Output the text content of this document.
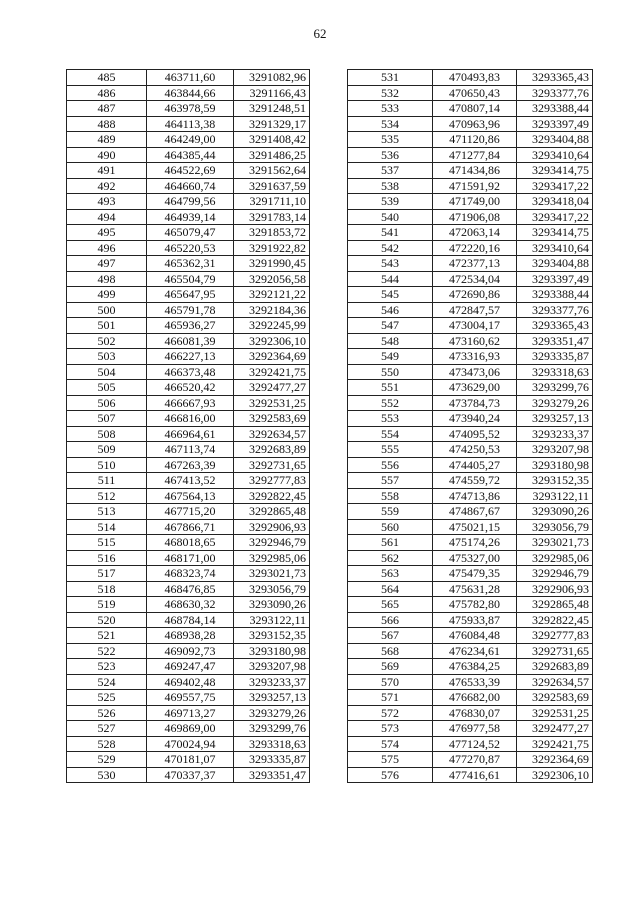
62
485	463711,60	3291082,96
486	463844,66	3291166,43
487	463978,59	3291248,51
488	464113,38	3291329,17
489	464249,00	3291408,42
490	464385,44	3291486,25
491	464522,69	3291562,64
492	464660,74	3291637,59
493	464799,56	3291711,10
494	464939,14	3291783,14
495	465079,47	3291853,72
496	465220,53	3291922,82
497	465362,31	3291990,45
498	465504,79	3292056,58
499	465647,95	3292121,22
500	465791,78	3292184,36
501	465936,27	3292245,99
502	466081,39	3292306,10
503	466227,13	3292364,69
504	466373,48	3292421,75
505	466520,42	3292477,27
506	466667,93	3292531,25
507	466816,00	3292583,69
508	466964,61	3292634,57
509	467113,74	3292683,89
510	467263,39	3292731,65
511	467413,52	3292777,83
512	467564,13	3292822,45
513	467715,20	3292865,48
514	467866,71	3292906,93
515	468018,65	3292946,79
516	468171,00	3292985,06
517	468323,74	3293021,73
518	468476,85	3293056,79
519	468630,32	3293090,26
520	468784,14	3293122,11
521	468938,28	3293152,35
522	469092,73	3293180,98
523	469247,47	3293207,98
524	469402,48	3293233,37
525	469557,75	3293257,13
526	469713,27	3293279,26
527	469869,00	3293299,76
528	470024,94	3293318,63
529	470181,07	3293335,87
530	470337,37	3293351,47
531	470493,83	3293365,43
532	470650,43	3293377,76
533	470807,14	3293388,44
534	470963,96	3293397,49
535	471120,86	3293404,88
536	471277,84	3293410,64
537	471434,86	3293414,75
538	471591,92	3293417,22
539	471749,00	3293418,04
540	471906,08	3293417,22
541	472063,14	3293414,75
542	472220,16	3293410,64
543	472377,13	3293404,88
544	472534,04	3293397,49
545	472690,86	3293388,44
546	472847,57	3293377,76
547	473004,17	3293365,43
548	473160,62	3293351,47
549	473316,93	3293335,87
550	473473,06	3293318,63
551	473629,00	3293299,76
552	473784,73	3293279,26
553	473940,24	3293257,13
554	474095,52	3293233,37
555	474250,53	3293207,98
556	474405,27	3293180,98
557	474559,72	3293152,35
558	474713,86	3293122,11
559	474867,67	3293090,26
560	475021,15	3293056,79
561	475174,26	3293021,73
562	475327,00	3292985,06
563	475479,35	3292946,79
564	475631,28	3292906,93
565	475782,80	3292865,48
566	475933,87	3292822,45
567	476084,48	3292777,83
568	476234,61	3292731,65
569	476384,25	3292683,89
570	476533,39	3292634,57
571	476682,00	3292583,69
572	476830,07	3292531,25
573	476977,58	3292477,27
574	477124,52	3292421,75
575	477270,87	3292364,69
576	477416,61	3292306,10
